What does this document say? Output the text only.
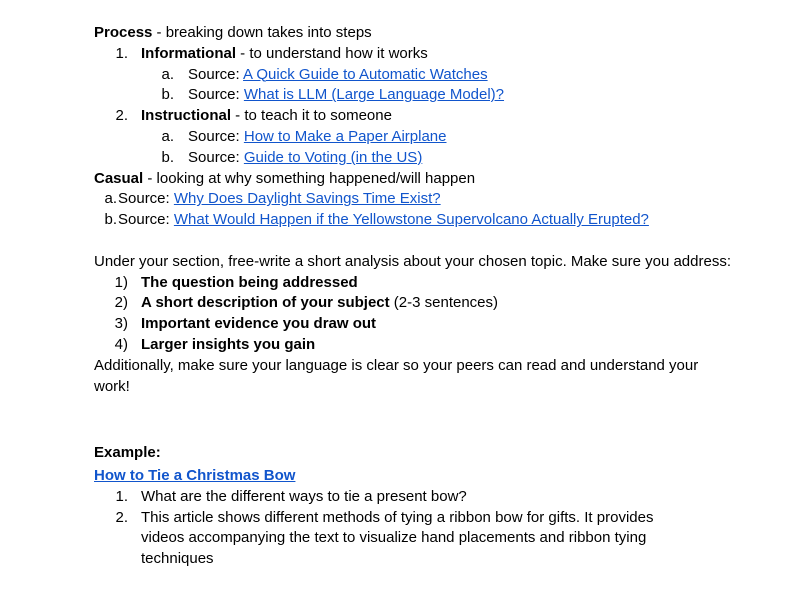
Process - breaking down takes into steps
1. Informational - to understand how it works
a. Source: A Quick Guide to Automatic Watches
b. Source: What is LLM (Large Language Model)?
2. Instructional - to teach it to someone
a. Source: How to Make a Paper Airplane
b. Source: Guide to Voting (in the US)
Casual - looking at why something happened/will happen
a. Source: Why Does Daylight Savings Time Exist?
b. Source: What Would Happen if the Yellowstone Supervolcano Actually Erupted?
Under your section, free-write a short analysis about your chosen topic. Make sure you address:
1) The question being addressed
2) A short description of your subject (2-3 sentences)
3) Important evidence you draw out
4) Larger insights you gain
Additionally, make sure your language is clear so your peers can read and understand your work!
Example:
How to Tie a Christmas Bow
1. What are the different ways to tie a present bow?
2. This article shows different methods of tying a ribbon bow for gifts. It provides videos accompanying the text to visualize hand placements and ribbon tying techniques
